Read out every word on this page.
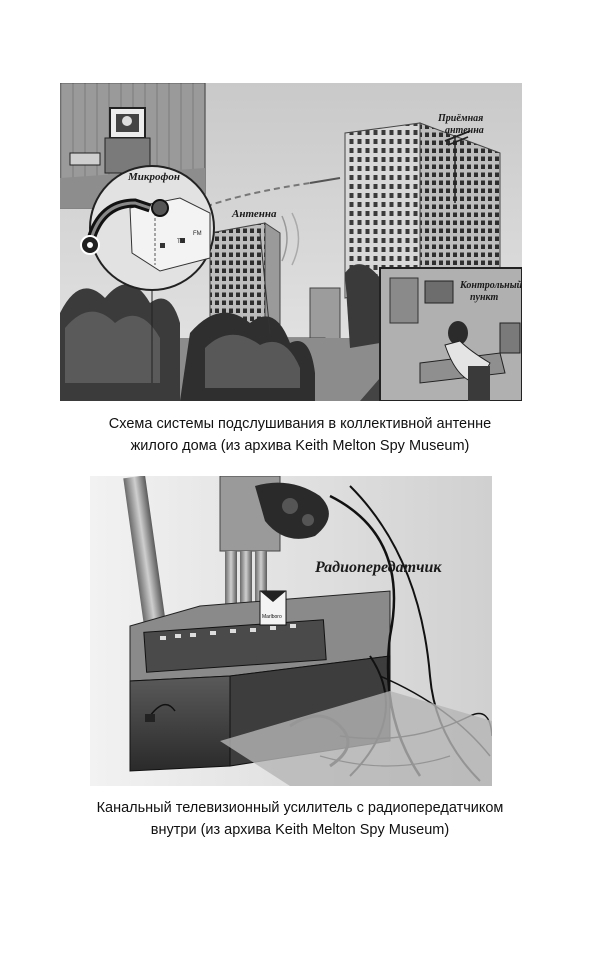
Микрофон
Антенна
Приёмная
антенна
Контрольный
пункт
TV
FM
Схема системы подслушивания в коллективной антенне
жилого дома (из архива Keith Melton Spy Museum)
Marlboro
Радиопередатчик
Канальный телевизионный усилитель с радиопередатчиком
внутри (из архива Keith Melton Spy Museum)
